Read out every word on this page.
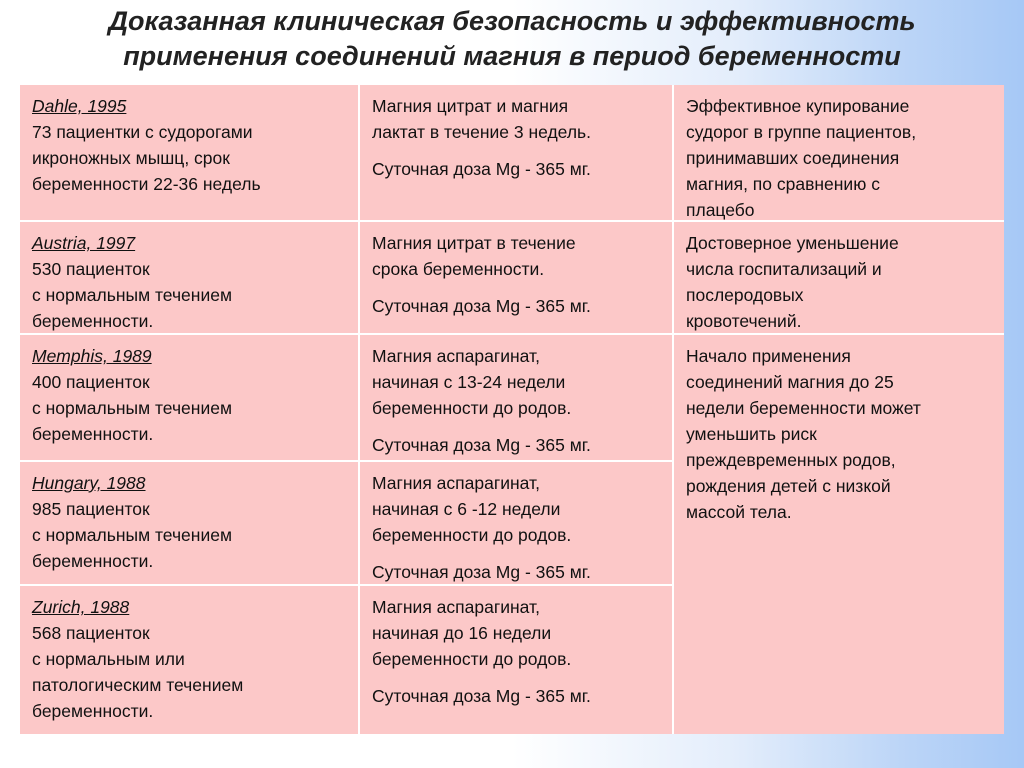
Доказанная клиническая безопасность и эффективность
применения соединений магния в период беременности
Dahle, 1995
73 пациентки с судорогами
икроножных мышц, срок
беременности 22-36 недель
Магния цитрат и магния
лактат в течение 3 недель.
Суточная доза Mg - 365 мг.
Эффективное купирование
судорог в группе пациентов,
принимавших соединения
магния, по сравнению с
плацебо
Austria, 1997
530 пациенток
с нормальным течением
беременности.
Магния цитрат в течение
срока беременности.
Суточная доза Mg - 365 мг.
Достоверное уменьшение
числа госпитализаций и
послеродовых
кровотечений.
Memphis, 1989
400 пациенток
с нормальным течением
беременности.
Магния аспарагинат,
начиная с 13-24 недели
беременности до родов.
Суточная доза Mg - 365 мг.
Начало применения
соединений магния до 25
недели беременности может
уменьшить риск
преждевременных родов,
рождения детей с низкой
массой тела.
Hungary, 1988
985 пациенток
с нормальным течением
беременности.
Магния аспарагинат,
начиная с 6 -12 недели
беременности до родов.
Суточная доза Mg - 365 мг.
Zurich, 1988
568 пациенток
с нормальным или
патологическим течением
беременности.
Магния аспарагинат,
начиная до 16 недели
беременности до родов.
Суточная доза Mg - 365 мг.
